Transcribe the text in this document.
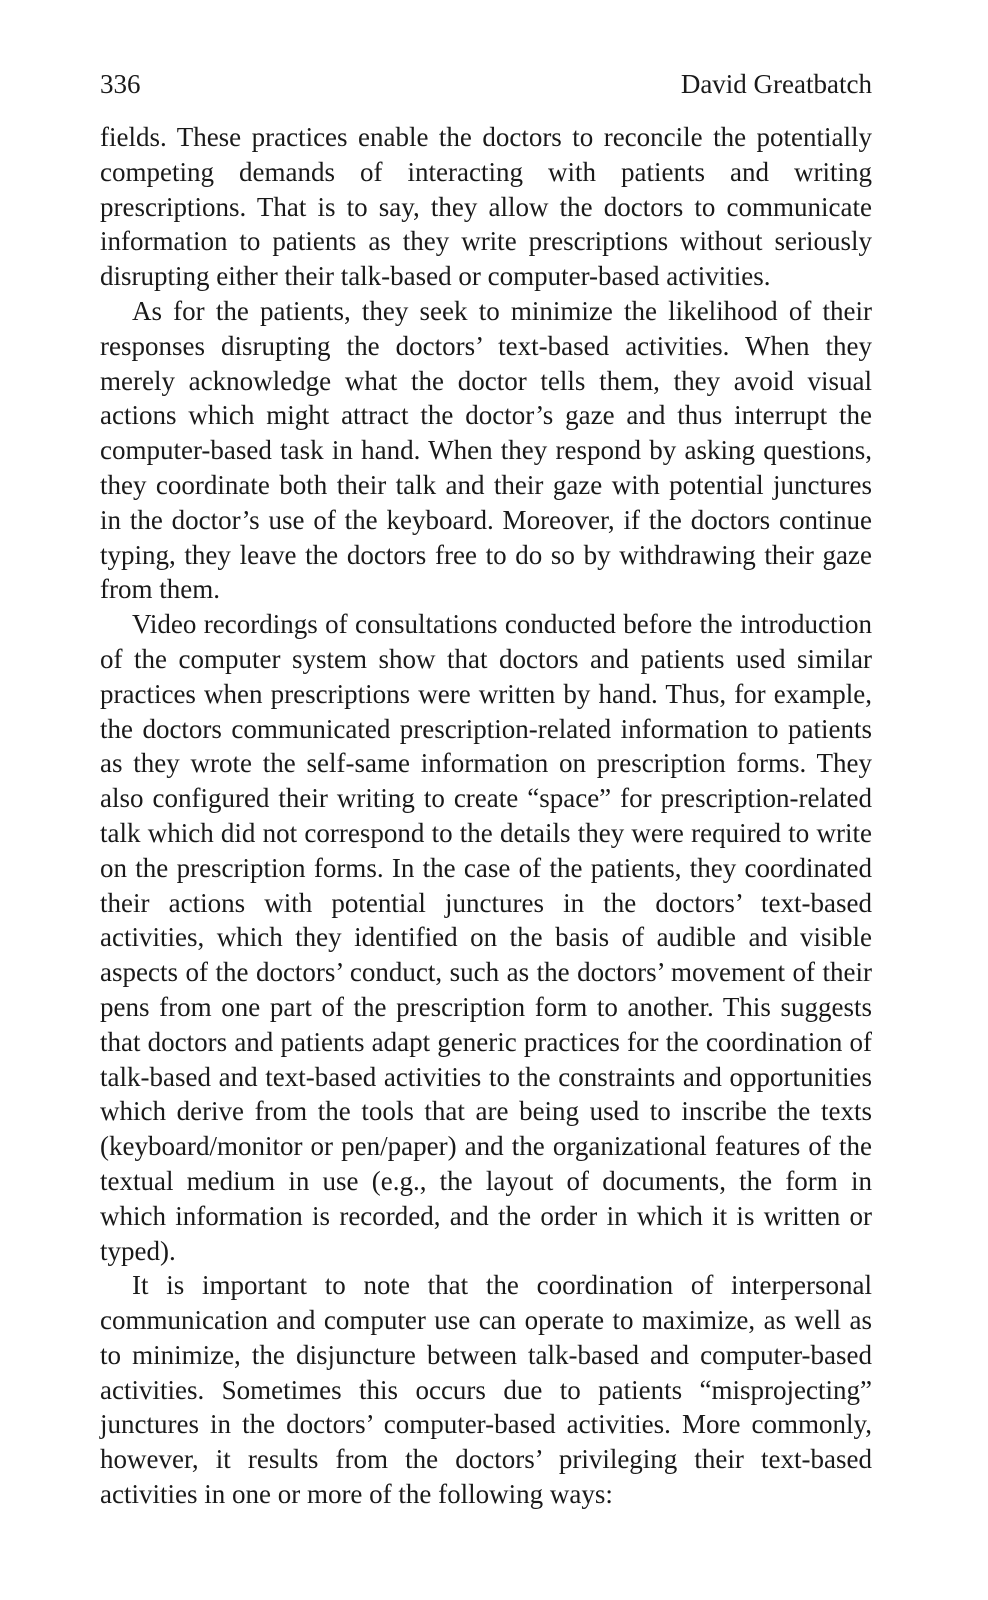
336	David Greatbatch

fields. These practices enable the doctors to reconcile the potentially competing demands of interacting with patients and writing prescriptions. That is to say, they allow the doctors to communicate information to patients as they write prescriptions without seriously disrupting either their talk-based or computer-based activities.

As for the patients, they seek to minimize the likelihood of their responses disrupting the doctors’ text-based activities. When they merely acknowledge what the doctor tells them, they avoid visual actions which might attract the doctor’s gaze and thus interrupt the computer-based task in hand. When they respond by asking questions, they coordinate both their talk and their gaze with potential junctures in the doctor’s use of the keyboard. Moreover, if the doctors continue typing, they leave the doctors free to do so by withdrawing their gaze from them.

Video recordings of consultations conducted before the introduction of the computer system show that doctors and patients used similar practices when prescriptions were written by hand. Thus, for example, the doctors communicated prescription-related information to patients as they wrote the self-same information on prescription forms. They also configured their writing to create “space” for prescription-related talk which did not correspond to the details they were required to write on the prescription forms. In the case of the patients, they coordinated their actions with potential junctures in the doctors’ text-based activities, which they identified on the basis of audible and visible aspects of the doctors’ conduct, such as the doctors’ movement of their pens from one part of the prescription form to another. This suggests that doctors and patients adapt generic practices for the coordination of talk-based and text-based activities to the constraints and opportunities which derive from the tools that are being used to inscribe the texts (keyboard/monitor or pen/paper) and the organizational features of the textual medium in use (e.g., the layout of documents, the form in which information is recorded, and the order in which it is written or typed).

It is important to note that the coordination of interpersonal communication and computer use can operate to maximize, as well as to minimize, the disjuncture between talk-based and computer-based activities. Sometimes this occurs due to patients “misprojecting” junctures in the doctors’ computer-based activities. More commonly, however, it results from the doctors’ privileging their text-based activities in one or more of the following ways:
